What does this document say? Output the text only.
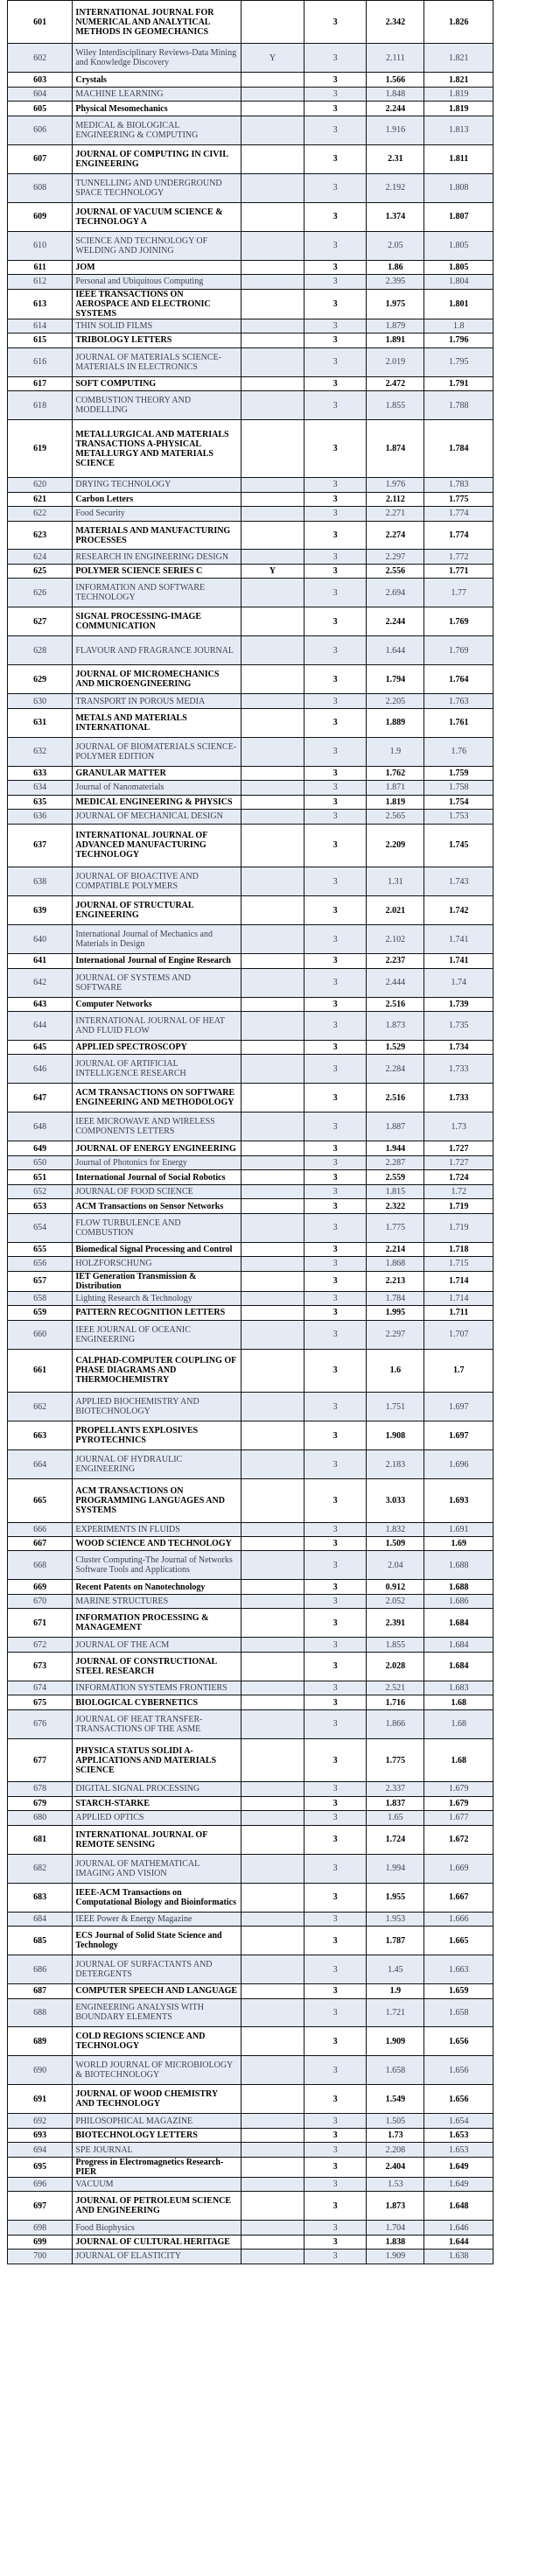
601	INTERNATIONAL JOURNAL FOR NUMERICAL AND ANALYTICAL METHODS IN GEOMECHANICS		3	2.342	1.826
602	Wiley Interdisciplinary Reviews-Data Mining and Knowledge Discovery	Y	3	2.111	1.821
603	Crystals		3	1.566	1.821
604	MACHINE LEARNING		3	1.848	1.819
605	Physical Mesomechanics		3	2.244	1.819
606	MEDICAL & BIOLOGICAL ENGINEERING & COMPUTING		3	1.916	1.813
607	JOURNAL OF COMPUTING IN CIVIL ENGINEERING		3	2.31	1.811
608	TUNNELLING AND UNDERGROUND SPACE TECHNOLOGY		3	2.192	1.808
609	JOURNAL OF VACUUM SCIENCE & TECHNOLOGY A		3	1.374	1.807
610	SCIENCE AND TECHNOLOGY OF WELDING AND JOINING		3	2.05	1.805
611	JOM		3	1.86	1.805
612	Personal and Ubiquitous Computing		3	2.395	1.804
613	IEEE TRANSACTIONS ON AEROSPACE AND ELECTRONIC SYSTEMS		3	1.975	1.801
614	THIN SOLID FILMS		3	1.879	1.8
615	TRIBOLOGY LETTERS		3	1.891	1.796
616	JOURNAL OF MATERIALS SCIENCE-MATERIALS IN ELECTRONICS		3	2.019	1.795
617	SOFT COMPUTING		3	2.472	1.791
618	COMBUSTION THEORY AND MODELLING		3	1.855	1.788
619	METALLURGICAL AND MATERIALS TRANSACTIONS A-PHYSICAL METALLURGY AND MATERIALS SCIENCE		3	1.874	1.784
620	DRYING TECHNOLOGY		3	1.976	1.783
621	Carbon Letters		3	2.112	1.775
622	Food Security		3	2.271	1.774
623	MATERIALS AND MANUFACTURING PROCESSES		3	2.274	1.774
624	RESEARCH IN ENGINEERING DESIGN		3	2.297	1.772
625	POLYMER SCIENCE SERIES C	Y	3	2.556	1.771
626	INFORMATION AND SOFTWARE TECHNOLOGY		3	2.694	1.77
627	SIGNAL PROCESSING-IMAGE COMMUNICATION		3	2.244	1.769
628	FLAVOUR AND FRAGRANCE JOURNAL		3	1.644	1.769
629	JOURNAL OF MICROMECHANICS AND MICROENGINEERING		3	1.794	1.764
630	TRANSPORT IN POROUS MEDIA		3	2.205	1.763
631	METALS AND MATERIALS INTERNATIONAL		3	1.889	1.761
632	JOURNAL OF BIOMATERIALS SCIENCE-POLYMER EDITION		3	1.9	1.76
633	GRANULAR MATTER		3	1.762	1.759
634	Journal of Nanomaterials		3	1.871	1.758
635	MEDICAL ENGINEERING & PHYSICS		3	1.819	1.754
636	JOURNAL OF MECHANICAL DESIGN		3	2.565	1.753
637	INTERNATIONAL JOURNAL OF ADVANCED MANUFACTURING TECHNOLOGY		3	2.209	1.745
638	JOURNAL OF BIOACTIVE AND COMPATIBLE POLYMERS		3	1.31	1.743
639	JOURNAL OF STRUCTURAL ENGINEERING		3	2.021	1.742
640	International Journal of Mechanics and Materials in Design		3	2.102	1.741
641	International Journal of Engine Research		3	2.237	1.741
642	JOURNAL OF SYSTEMS AND SOFTWARE		3	2.444	1.74
643	Computer Networks		3	2.516	1.739
644	INTERNATIONAL JOURNAL OF HEAT AND FLUID FLOW		3	1.873	1.735
645	APPLIED SPECTROSCOPY		3	1.529	1.734
646	JOURNAL OF ARTIFICIAL INTELLIGENCE RESEARCH		3	2.284	1.733
647	ACM TRANSACTIONS ON SOFTWARE ENGINEERING AND METHODOLOGY		3	2.516	1.733
648	IEEE MICROWAVE AND WIRELESS COMPONENTS LETTERS		3	1.887	1.73
649	JOURNAL OF ENERGY ENGINEERING		3	1.944	1.727
650	Journal of Photonics for Energy		3	2.287	1.727
651	International Journal of Social Robotics		3	2.559	1.724
652	JOURNAL OF FOOD SCIENCE		3	1.815	1.72
653	ACM Transactions on Sensor Networks		3	2.322	1.719
654	FLOW TURBULENCE AND COMBUSTION		3	1.775	1.719
655	Biomedical Signal Processing and Control		3	2.214	1.718
656	HOLZFORSCHUNG		3	1.868	1.715
657	IET Generation Transmission & Distribution		3	2.213	1.714
658	Lighting Research & Technology		3	1.784	1.714
659	PATTERN RECOGNITION LETTERS		3	1.995	1.711
660	IEEE JOURNAL OF OCEANIC ENGINEERING		3	2.297	1.707
661	CALPHAD-COMPUTER COUPLING OF PHASE DIAGRAMS AND THERMOCHEMISTRY		3	1.6	1.7
662	APPLIED BIOCHEMISTRY AND BIOTECHNOLOGY		3	1.751	1.697
663	PROPELLANTS EXPLOSIVES PYROTECHNICS		3	1.908	1.697
664	JOURNAL OF HYDRAULIC ENGINEERING		3	2.183	1.696
665	ACM TRANSACTIONS ON PROGRAMMING LANGUAGES AND SYSTEMS		3	3.033	1.693
666	EXPERIMENTS IN FLUIDS		3	1.832	1.691
667	WOOD SCIENCE AND TECHNOLOGY		3	1.509	1.69
668	Cluster Computing-The Journal of Networks Software Tools and Applications		3	2.04	1.688
669	Recent Patents on Nanotechnology		3	0.912	1.688
670	MARINE STRUCTURES		3	2.052	1.686
671	INFORMATION PROCESSING & MANAGEMENT		3	2.391	1.684
672	JOURNAL OF THE ACM		3	1.855	1.684
673	JOURNAL OF CONSTRUCTIONAL STEEL RESEARCH		3	2.028	1.684
674	INFORMATION SYSTEMS FRONTIERS		3	2.521	1.683
675	BIOLOGICAL CYBERNETICS		3	1.716	1.68
676	JOURNAL OF HEAT TRANSFER-TRANSACTIONS OF THE ASME		3	1.866	1.68
677	PHYSICA STATUS SOLIDI A-APPLICATIONS AND MATERIALS SCIENCE		3	1.775	1.68
678	DIGITAL SIGNAL PROCESSING		3	2.337	1.679
679	STARCH-STARKE		3	1.837	1.679
680	APPLIED OPTICS		3	1.65	1.677
681	INTERNATIONAL JOURNAL OF REMOTE SENSING		3	1.724	1.672
682	JOURNAL OF MATHEMATICAL IMAGING AND VISION		3	1.994	1.669
683	IEEE-ACM Transactions on Computational Biology and Bioinformatics		3	1.955	1.667
684	IEEE Power & Energy Magazine		3	1.953	1.666
685	ECS Journal of Solid State Science and Technology		3	1.787	1.665
686	JOURNAL OF SURFACTANTS AND DETERGENTS		3	1.45	1.663
687	COMPUTER SPEECH AND LANGUAGE		3	1.9	1.659
688	ENGINEERING ANALYSIS WITH BOUNDARY ELEMENTS		3	1.721	1.658
689	COLD REGIONS SCIENCE AND TECHNOLOGY		3	1.909	1.656
690	WORLD JOURNAL OF MICROBIOLOGY & BIOTECHNOLOGY		3	1.658	1.656
691	JOURNAL OF WOOD CHEMISTRY AND TECHNOLOGY		3	1.549	1.656
692	PHILOSOPHICAL MAGAZINE		3	1.505	1.654
693	BIOTECHNOLOGY LETTERS		3	1.73	1.653
694	SPE JOURNAL		3	2.208	1.653
695	Progress in Electromagnetics Research-PIER		3	2.404	1.649
696	VACUUM		3	1.53	1.649
697	JOURNAL OF PETROLEUM SCIENCE AND ENGINEERING		3	1.873	1.648
698	Food Biophysics		3	1.704	1.646
699	JOURNAL OF CULTURAL HERITAGE		3	1.838	1.644
700	JOURNAL OF ELASTICITY		3	1.909	1.638
